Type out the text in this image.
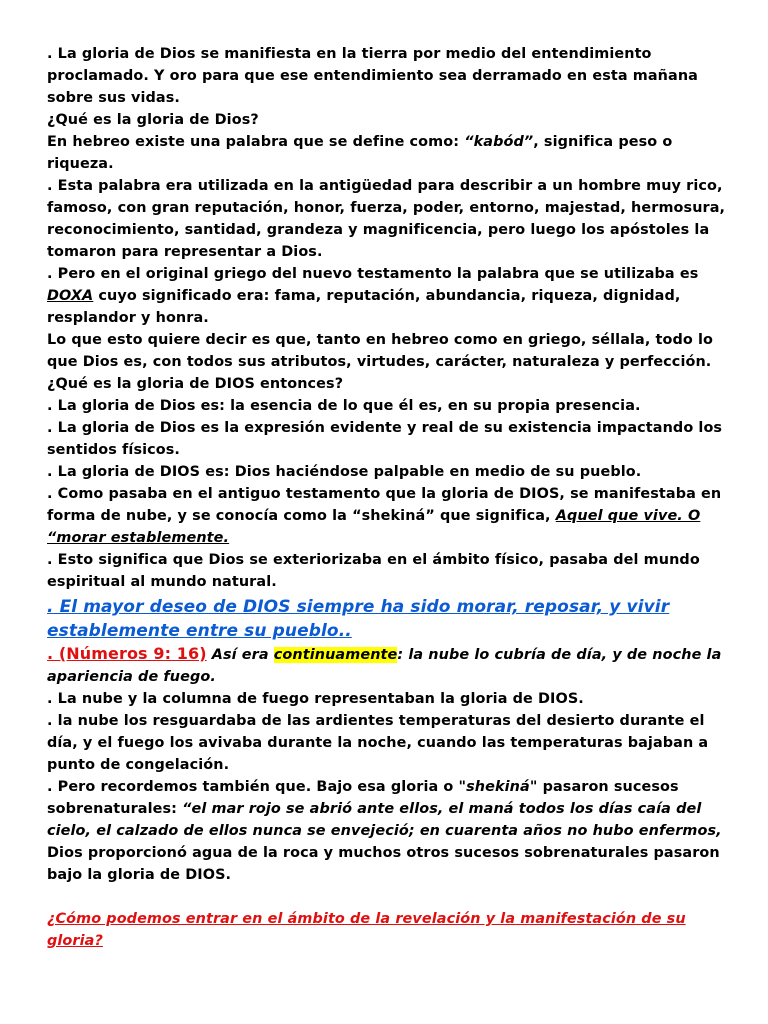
. La gloria de Dios se manifiesta en la tierra por medio del entendimiento proclamado. Y oro para que ese entendimiento sea derramado en esta mañana sobre sus vidas.

¿Qué es la gloria de Dios?

En hebreo existe una palabra que se define como: “kabód”, significa peso o riqueza.

. Esta palabra era utilizada en la antigüedad para describir a un hombre muy rico, famoso, con gran reputación, honor, fuerza, poder, entorno, majestad, hermosura, reconocimiento, santidad, grandeza y magnificencia, pero luego los apóstoles la tomaron para representar a Dios.

. Pero en el original griego del nuevo testamento la palabra que se utilizaba es DOXA cuyo significado era: fama, reputación, abundancia, riqueza, dignidad, resplandor y honra.

Lo que esto quiere decir es que, tanto en hebreo como en griego, séllala, todo lo que Dios es, con todos sus atributos, virtudes, carácter, naturaleza y perfección. ¿Qué es la gloria de DIOS entonces?

. La gloria de Dios es: la esencia de lo que él es, en su propia presencia.

. La gloria de Dios es la expresión evidente y real de su existencia impactando los sentidos físicos.

. La gloria de DIOS es: Dios haciéndose palpable en medio de su pueblo.

. Como pasaba en el antiguo testamento que la gloria de DIOS, se manifestaba en forma de nube, y se conocía como la “shekiná” que significa, Aquel que vive. O “morar establemente.

. Esto significa que Dios se exteriorizaba en el ámbito físico, pasaba del mundo espiritual al mundo natural.

. El mayor deseo de DIOS siempre ha sido morar, reposar, y vivir establemente entre su pueblo..

. (Números 9: 16) Así era continuamente: la nube lo cubría de día, y de noche la apariencia de fuego.

. La nube y la columna de fuego representaban la gloria de DIOS.

. la nube los resguardaba de las ardientes temperaturas del desierto durante el día, y el fuego los avivaba durante la noche, cuando las temperaturas bajaban a punto de congelación.

. Pero recordemos también que. Bajo esa gloria o "shekiná" pasaron sucesos sobrenaturales: “el mar rojo se abrió ante ellos, el maná todos los días caía del cielo, el calzado de ellos nunca se envejeció; en cuarenta años no hubo enfermos, Dios proporcionó agua de la roca y muchos otros sucesos sobrenaturales pasaron bajo la gloria de DIOS.

¿Cómo podemos entrar en el ámbito de la revelación y la manifestación de su gloria?
